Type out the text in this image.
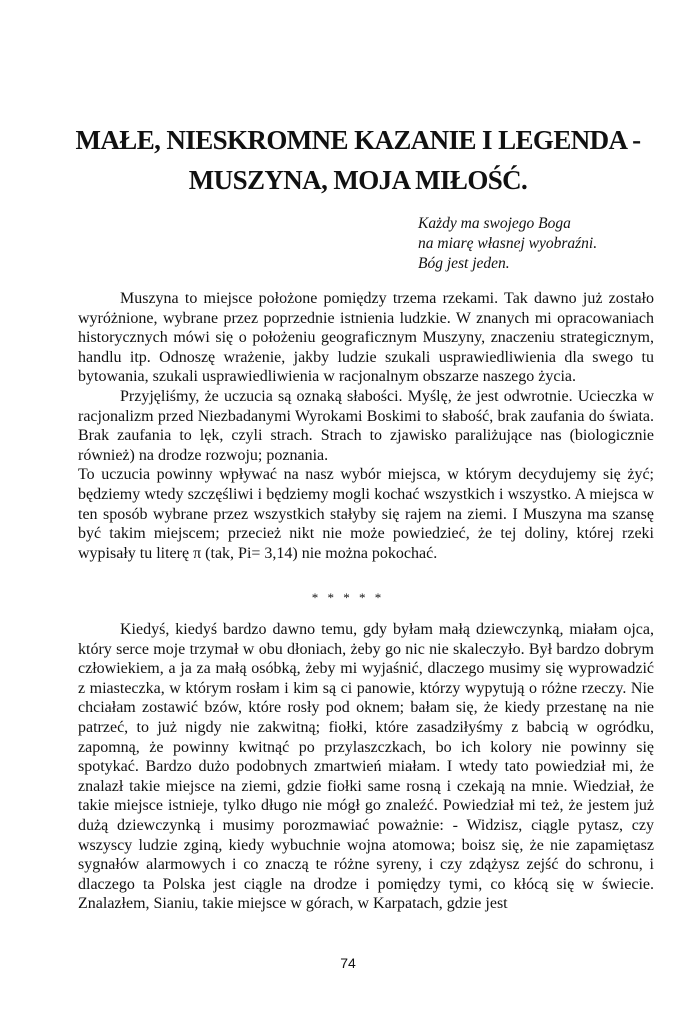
MAŁE, NIESKROMNE KAZANIE I LEGENDA -
MUSZYNA, MOJA MIŁOŚĆ.
Każdy ma swojego Boga
na miarę własnej wyobraźni.
Bóg jest jeden.

Muszyna to miejsce położone pomiędzy trzema rzekami. Tak dawno już zostało wyróżnione, wybrane przez poprzednie istnienia ludzkie. W znanych mi opracowaniach historycznych mówi się o położeniu geograficznym Muszyny, znaczeniu strategicznym, handlu itp. Odnoszę wrażenie, jakby ludzie szukali usprawiedliwienia dla swego tu bytowania, szukali usprawiedliwienia w racjonalnym obszarze naszego życia.

Przyjęliśmy, że uczucia są oznaką słabości. Myślę, że jest odwrotnie. Ucieczka w racjonalizm przed Niezbadanymi Wyrokami Boskimi to słabość, brak zaufania do świata. Brak zaufania to lęk, czyli strach. Strach to zjawisko paraliżujące nas (biologicznie również) na drodze rozwoju; poznania.

To uczucia powinny wpływać na nasz wybór miejsca, w którym decydujemy się żyć; będziemy wtedy szczęśliwi i będziemy mogli kochać wszystkich i wszystko. A miejsca w ten sposób wybrane przez wszystkich stałyby się rajem na ziemi. I Muszyna ma szansę być takim miejscem; przecież nikt nie może powiedzieć, że tej doliny, której rzeki wypisały tu literę π (tak, Pi= 3,14) nie można pokochać.

* * * * *

Kiedyś, kiedyś bardzo dawno temu, gdy byłam małą dziewczynką, miałam ojca, który serce moje trzymał w obu dłoniach, żeby go nic nie skaleczyło. Był bardzo dobrym człowiekiem, a ja za małą osóbką, żeby mi wyjaśnić, dlaczego musimy się wyprowadzić z miasteczka, w którym rosłam i kim są ci panowie, którzy wypytują o różne rzeczy. Nie chciałam zostawić bzów, które rosły pod oknem; bałam się, że kiedy przestanę na nie patrzeć, to już nigdy nie zakwitną; fiołki, które zasadziłyśmy z babcią w ogródku, zapomną, że powinny kwitnąć po przylaszczkach, bo ich kolory nie powinny się spotykać. Bardzo dużo podobnych zmartwień miałam. I wtedy tato powiedział mi, że znalazł takie miejsce na ziemi, gdzie fiołki same rosną i czekają na mnie. Wiedział, że takie miejsce istnieje, tylko długo nie mógł go znaleźć. Powiedział mi też, że jestem już dużą dziewczynką i musimy porozmawiać poważnie: - Widzisz, ciągle pytasz, czy wszyscy ludzie zginą, kiedy wybuchnie wojna atomowa; boisz się, że nie zapamiętasz sygnałów alarmowych i co znaczą te różne syreny, i czy zdążysz zejść do schronu, i dlaczego ta Polska jest ciągle na drodze i pomiędzy tymi, co kłócą się w świecie. Znalazłem, Sianiu, takie miejsce w górach, w Karpatach, gdzie jest

74
